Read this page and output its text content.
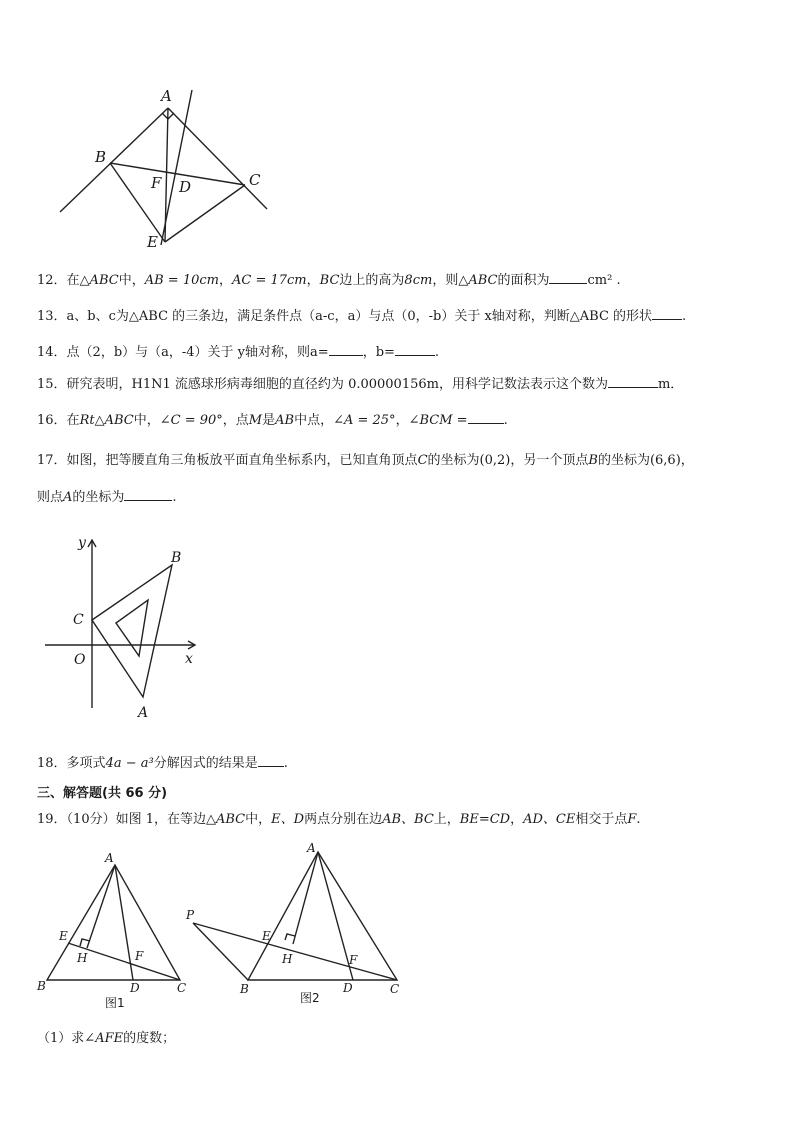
A
B
C
F D
E
12．在△ABC中，AB = 10cm，AC = 17cm，BC边上的高为8cm，则△ABC的面积为	cm² .
13．a、b、c为△ABC 的三条边，满足条件点（a-c，a）与点（0，-b）关于 x轴对称，判断△ABC 的形状 .
14．点（2，b）与（a，-4）关于 y轴对称，则a=	，b=	.
15．研究表明，H1N1 流感球形病毒细胞的直径约为 0.00000156m，用科学记数法表示这个数为	m．
16．在Rt△ABC中，∠C = 90°，点M是AB中点，∠A = 25°，∠BCM =	.
17．如图，把等腰直角三角板放平面直角坐标系内，已知直角顶点C的坐标为(0,2)，另一个顶点B的坐标为(6,6)，
则点A的坐标为	.
y
x
B
C
O
A
18．多项式4a − a³分解因式的结果是 .
三、解答题(共 66 分)
19．（10分）如图 1，在等边△ABC中，E、D两点分别在边AB、BC上，BE=CD，AD、CE相交于点F.
A
E
H	F
B	D	C
图1
A
P
E
H	F
B	D	C
图2
（1）求∠AFE的度数；
